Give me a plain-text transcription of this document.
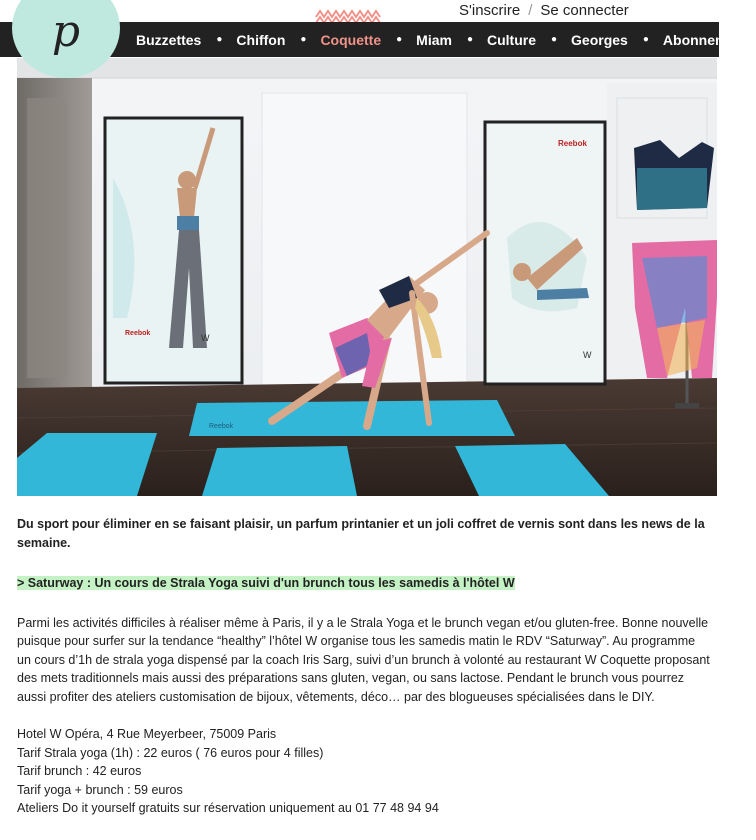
p	S'inscrire / Se connecter
Buzzettes ● Chiffon ● Coquette ● Miam ● Culture ● Georges ● Abonnements
Reebok	W
Reebok
W
Reebok

Du sport pour éliminer en se faisant plaisir, un parfum printanier et un joli coffret de vernis sont dans les news de la semaine.

> Saturway : Un cours de Strala Yoga suivi d'un brunch tous les samedis à l'hôtel W

Parmi les activités difficiles à réaliser même à Paris, il y a le Strala Yoga et le brunch vegan et/ou gluten-free. Bonne nouvelle puisque pour surfer sur la tendance “healthy” l’hôtel W organise tous les samedis matin le RDV “Saturway”. Au programme un cours d’1h de strala yoga dispensé par la coach Iris Sarg, suivi d’un brunch à volonté au restaurant W Coquette proposant des mets traditionnels mais aussi des préparations sans gluten, vegan, ou sans lactose. Pendant le brunch vous pourrez aussi profiter des ateliers customisation de bijoux, vêtements, déco… par des blogueuses spécialisées dans le DIY.

Hotel W Opéra, 4 Rue Meyerbeer, 75009 Paris
Tarif Strala yoga (1h) : 22 euros ( 76 euros pour 4 filles)
Tarif brunch : 42 euros
Tarif yoga + brunch : 59 euros
Ateliers Do it yourself gratuits sur réservation uniquement au 01 77 48 94 94
